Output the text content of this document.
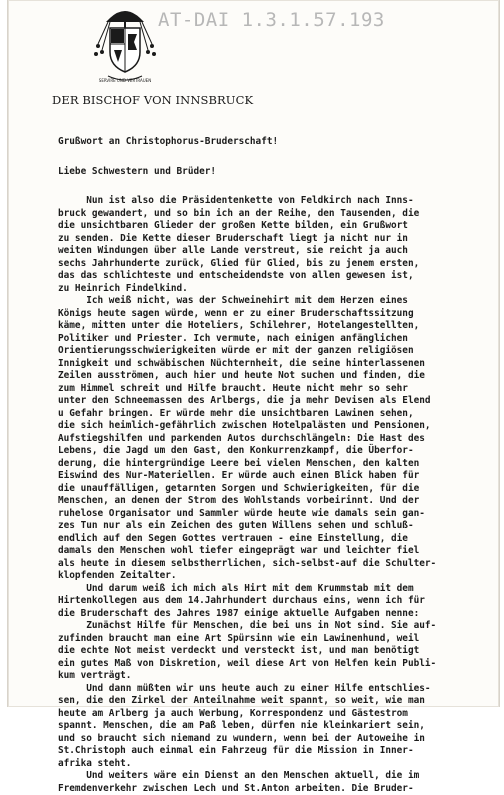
AT-DAI 1.3.1.57.193
SERVIRE UND VERTRAUEN
DER BISCHOF VON INNSBRUCK
Grußwort an Christophorus-Bruderschaft!
Liebe Schwestern und Brüder!
Nun ist also die Präsidentenkette von Feldkirch nach Inns-
bruck gewandert, und so bin ich an der Reihe, den Tausenden, die
die unsichtbaren Glieder der großen Kette bilden, ein Grußwort
zu senden. Die Kette dieser Bruderschaft liegt ja nicht nur in
weiten Windungen über alle Lande verstreut, sie reicht ja auch
sechs Jahrhunderte zurück, Glied für Glied, bis zu jenem ersten,
das das schlichteste und entscheidendste von allen gewesen ist,
zu Heinrich Findelkind.
Ich weiß nicht, was der Schweinehirt mit dem Herzen eines
Königs heute sagen würde, wenn er zu einer Bruderschaftssitzung
käme, mitten unter die Hoteliers, Schilehrer, Hotelangestellten,
Politiker und Priester. Ich vermute, nach einigen anfänglichen
Orientierungsschwierigkeiten würde er mit der ganzen religiösen
Innigkeit und schwäbischen Nüchternheit, die seine hinterlassenen
Zeilen ausströmen, auch hier und heute Not suchen und finden, die
zum Himmel schreit und Hilfe braucht. Heute nicht mehr so sehr
unter den Schneemassen des Arlbergs, die ja mehr Devisen als Elend
u Gefahr bringen. Er würde mehr die unsichtbaren Lawinen sehen,
die sich heimlich-gefährlich zwischen Hotelpalästen und Pensionen,
Aufstiegshilfen und parkenden Autos durchschlängeln: Die Hast des
Lebens, die Jagd um den Gast, den Konkurrenzkampf, die Überfor-
derung, die hintergründige Leere bei vielen Menschen, den kalten
Eiswind des Nur-Materiellen. Er würde auch einen Blick haben für
die unauffälligen, getarnten Sorgen und Schwierigkeiten, für die
Menschen, an denen der Strom des Wohlstands vorbeirinnt. Und der
ruhelose Organisator und Sammler würde heute wie damals sein gan-
zes Tun nur als ein Zeichen des guten Willens sehen und schluß-
endlich auf den Segen Gottes vertrauen - eine Einstellung, die
damals den Menschen wohl tiefer eingeprägt war und leichter fiel
als heute in diesem selbstherrlichen, sich-selbst-auf die Schulter-
klopfenden Zeitalter.
Und darum weiß ich mich als Hirt mit dem Krummstab mit dem
Hirtenkollegen aus dem 14.Jahrhundert durchaus eins, wenn ich für
die Bruderschaft des Jahres 1987 einige aktuelle Aufgaben nenne:
Zunächst Hilfe für Menschen, die bei uns in Not sind. Sie auf-
zufinden braucht man eine Art Spürsinn wie ein Lawinenhund, weil
die echte Not meist verdeckt und versteckt ist, und man benötigt
ein gutes Maß von Diskretion, weil diese Art von Helfen kein Publi-
kum verträgt.
Und dann müßten wir uns heute auch zu einer Hilfe entschlies-
sen, die den Zirkel der Anteilnahme weit spannt, so weit, wie man
heute am Arlberg ja auch Werbung, Korrespondenz und Gästestrom
spannt. Menschen, die am Paß leben, dürfen nie kleinkariert sein,
und so braucht sich niemand zu wundern, wenn bei der Autoweihe in
St.Christoph auch einmal ein Fahrzeug für die Mission in Inner-
afrika steht.
Und weiters wäre ein Dienst an den Menschen aktuell, die im
Fremdenverkehr zwischen Lech und St.Anton arbeiten. Die Bruder-
